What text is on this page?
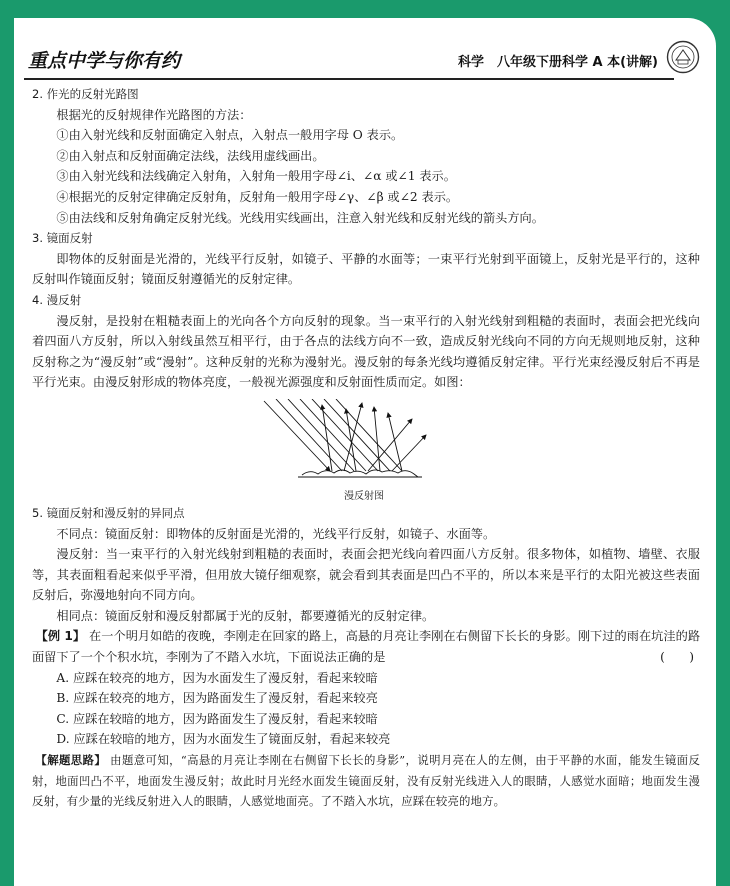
重点中学与你有约	科学　八年级下册科学 A 本(讲解)

2. 作光的反射光路图

根据光的反射规律作光路图的方法：

①由入射光线和反射面确定入射点，入射点一般用字母 O 表示。

②由入射点和反射面确定法线，法线用虚线画出。

③由入射光线和法线确定入射角，入射角一般用字母∠i、∠α 或∠1 表示。

④根据光的反射定律确定反射角，反射角一般用字母∠γ、∠β 或∠2 表示。

⑤由法线和反射角确定反射光线。光线用实线画出，注意入射光线和反射光线的箭头方向。

3. 镜面反射

即物体的反射面是光滑的，光线平行反射，如镜子、平静的水面等；一束平行光射到平面镜上，反射光是平行的，这种反射叫作镜面反射；镜面反射遵循光的反射定律。

4. 漫反射

漫反射，是投射在粗糙表面上的光向各个方向反射的现象。当一束平行的入射光线射到粗糙的表面时，表面会把光线向着四面八方反射，所以入射线虽然互相平行，由于各点的法线方向不一致，造成反射光线向不同的方向无规则地反射，这种反射称之为“漫反射”或“漫射”。这种反射的光称为漫射光。漫反射的每条光线均遵循反射定律。平行光束经漫反射后不再是平行光束。由漫反射形成的物体亮度，一般视光源强度和反射面性质而定。如图：

漫反射图

5. 镜面反射和漫反射的异同点

不同点：镜面反射：即物体的反射面是光滑的，光线平行反射，如镜子、水面等。

漫反射：当一束平行的入射光线射到粗糙的表面时，表面会把光线向着四面八方反射。很多物体，如植物、墙壁、衣服等，其表面粗看起来似乎平滑，但用放大镜仔细观察，就会看到其表面是凹凸不平的，所以本来是平行的太阳光被这些表面反射后，弥漫地射向不同方向。

相同点：镜面反射和漫反射都属于光的反射，都要遵循光的反射定律。

【例 1】 在一个明月如皓的夜晚，李刚走在回家的路上，高悬的月亮让李刚在右侧留下长长的身影。刚下过的雨在坑洼的路面留下了一个个积水坑，李刚为了不踏入水坑，下面说法正确的是	(　　)

A. 应踩在较亮的地方，因为水面发生了漫反射，看起来较暗

B. 应踩在较亮的地方，因为路面发生了漫反射，看起来较亮

C. 应踩在较暗的地方，因为路面发生了漫反射，看起来较暗

D. 应踩在较暗的地方，因为水面发生了镜面反射，看起来较亮

【解题思路】 由题意可知，“高悬的月亮让李刚在右侧留下长长的身影”，说明月亮在人的左侧，由于平静的水面，能发生镜面反射，地面凹凸不平，地面发生漫反射；故此时月光经水面发生镜面反射，没有反射光线进入人的眼睛，人感觉水面暗；地面发生漫反射，有少量的光线反射进入人的眼睛，人感觉地面亮。了不踏入水坑，应踩在较亮的地方。
